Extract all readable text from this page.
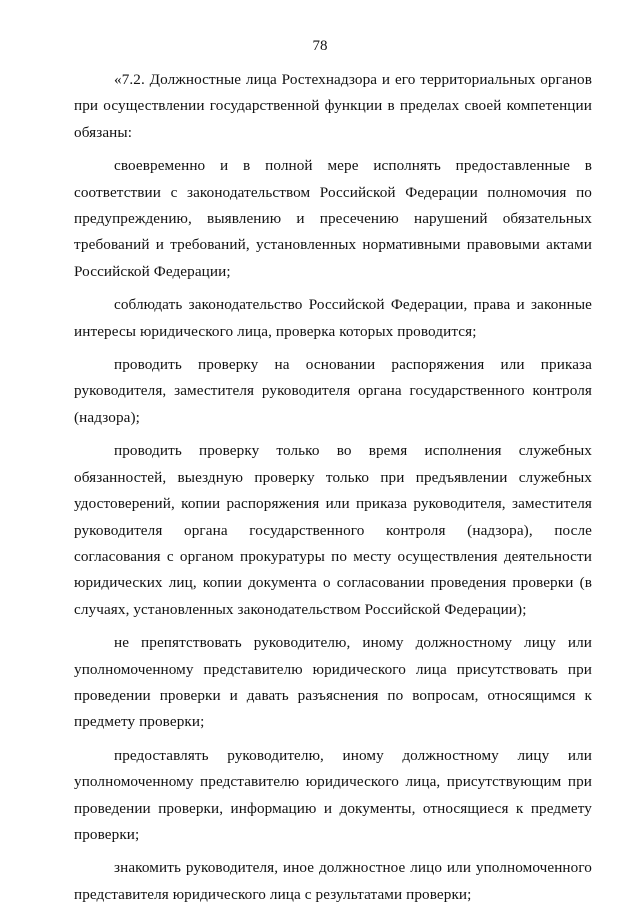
78

«7.2. Должностные лица Ростехнадзора и его территориальных органов при осуществлении государственной функции в пределах своей компетенции обязаны:

своевременно и в полной мере исполнять предоставленные в соответствии с законодательством Российской Федерации полномочия по предупреждению, выявлению и пресечению нарушений обязательных требований и требований, установленных нормативными правовыми актами Российской Федерации;

соблюдать законодательство Российской Федерации, права и законные интересы юридического лица, проверка которых проводится;

проводить проверку на основании распоряжения или приказа руководителя, заместителя руководителя органа государственного контроля (надзора);

проводить проверку только во время исполнения служебных обязанностей, выездную проверку только при предъявлении служебных удостоверений, копии распоряжения или приказа руководителя, заместителя руководителя органа государственного контроля (надзора), после согласования с органом прокуратуры по месту осуществления деятельности юридических лиц, копии документа о согласовании проведения проверки (в случаях, установленных законодательством Российской Федерации);

не препятствовать руководителю, иному должностному лицу или уполномоченному представителю юридического лица присутствовать при проведении проверки и давать разъяснения по вопросам, относящимся к предмету проверки;

предоставлять руководителю, иному должностному лицу или уполномоченному представителю юридического лица, присутствующим при проведении проверки, информацию и документы, относящиеся к предмету проверки;

знакомить руководителя, иное должностное лицо или уполномоченного представителя юридического лица с результатами проверки;
